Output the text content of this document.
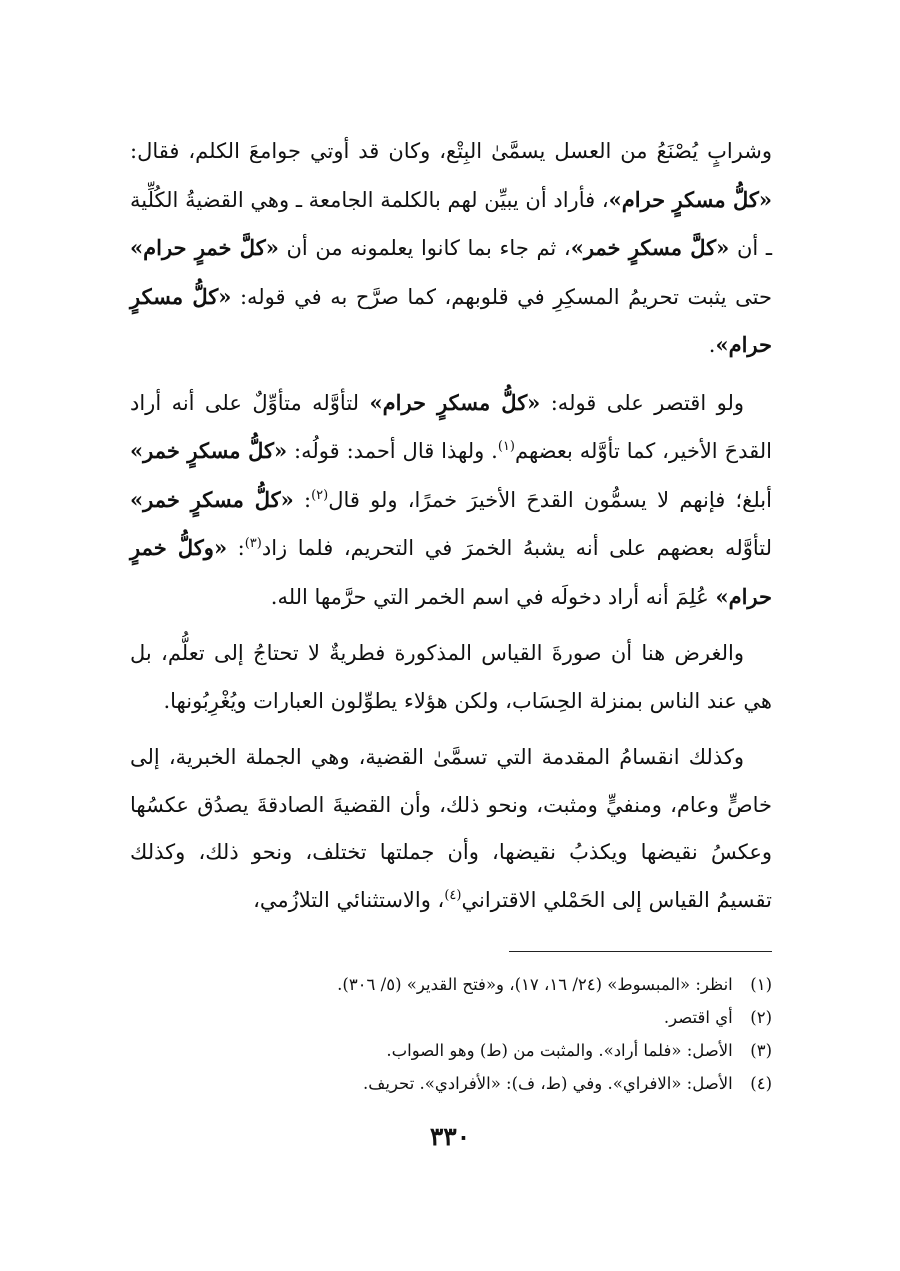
وشرابٍ يُصْنَعُ من العسل يسمَّىٰ البِتْع، وكان قد أوتي جوامعَ الكلم، فقال: «كلُّ مسكرٍ حرام»، فأراد أن يبيِّن لهم بالكلمة الجامعة ـ وهي القضيةُ الكُلِّية ـ أن «كلَّ مسكرٍ خمر»، ثم جاء بما كانوا يعلمونه من أن «كلَّ خمرٍ حرام» حتى يثبت تحريمُ المسكِرِ في قلوبهم، كما صرَّح به في قوله: «كلُّ مسكرٍ حرام».

ولو اقتصر على قوله: «كلُّ مسكرٍ حرام» لتأوَّله متأوِّلٌ على أنه أراد القدحَ الأخير، كما تأوَّله بعضهم$^{(١)}$. ولهذا قال أحمد: قولُه: «كلُّ مسكرٍ خمر» أبلغ؛ فإنهم لا يسمُّون القدحَ الأخيرَ خمرًا، ولو قال$^{(٢)}$: «كلُّ مسكرٍ خمر» لتأوَّله بعضهم على أنه يشبهُ الخمرَ في التحريم، فلما زاد$^{(٣)}$: «وكلُّ خمرٍ حرام» عُلِمَ أنه أراد دخولَه في اسم الخمر التي حرَّمها الله.

والغرض هنا أن صورةَ القياس المذكورة فطريةٌ لا تحتاجُ إلى تعلُّم، بل هي عند الناس بمنزلة الحِسَاب، ولكن هؤلاء يطوِّلون العبارات ويُغْرِبُونها.

وكذلك انقسامُ المقدمة التي تسمَّىٰ القضية، وهي الجملة الخبرية، إلى خاصٍّ وعام، ومنفيٍّ ومثبت، ونحو ذلك، وأن القضيةَ الصادقةَ يصدُق عكسُها وعكسُ نقيضها ويكذبُ نقيضها، وأن جملتها تختلف، ونحو ذلك، وكذلك تقسيمُ القياس إلى الحَمْلي الاقتراني$^{(٤)}$، والاستثنائي التلازُمي،

(١) انظر: «المبسوط» (٢٤/ ١٦، ١٧)، و«فتح القدير» (٥/ ٣٠٦).
(٢) أي اقتصر.
(٣) الأصل: «فلما أراد». والمثبت من (ط) وهو الصواب.
(٤) الأصل: «الافراي». وفي (ط، ف): «الأفرادي». تحريف.
٣٣٠
